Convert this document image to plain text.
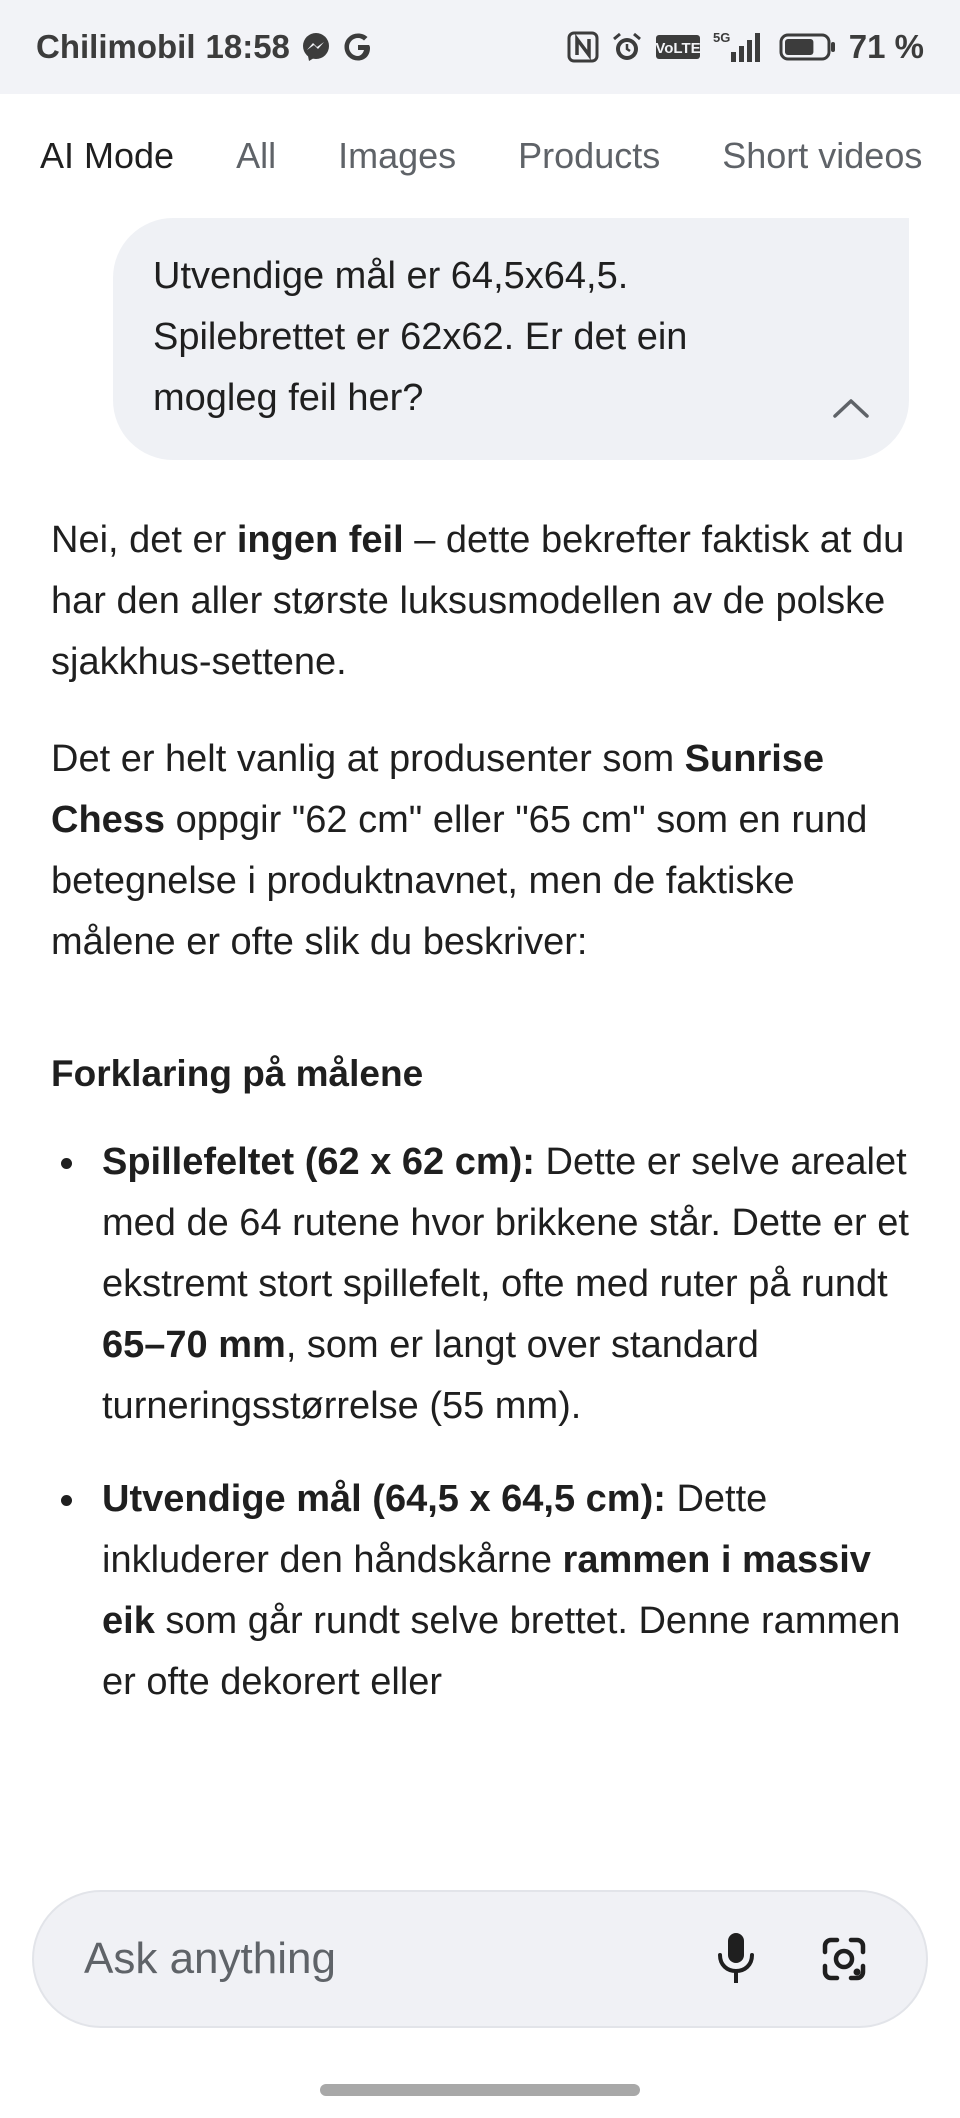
Chilimobil 18:58	VoLTE
5G	71 %
AI Mode All Images Products Short videos
Utvendige mål er 64,5x64,5. Spilebrettet er 62x62. Er det ein mogleg feil her?

Nei, det er ingen feil – dette bekrefter faktisk at du har den aller største luksusmodellen av de polske sjakkhus-settene.

Det er helt vanlig at produsenter som Sunrise Chess oppgir "62 cm" eller "65 cm" som en rund betegnelse i produktnavnet, men de faktiske målene er ofte slik du beskriver:

Forklaring på målene
Spillefeltet (62 x 62 cm): Dette er selve arealet med de 64 rutene hvor brikkene står. Dette er et ekstremt stort spillefelt, ofte med ruter på rundt 65–70 mm, som er langt over standard turneringsstørrelse (55 mm).
Utvendige mål (64,5 x 64,5 cm): Dette inkluderer den håndskårne rammen i massiv eik som går rundt selve brettet. Denne rammen er ofte dekorert eller
Ask anything
